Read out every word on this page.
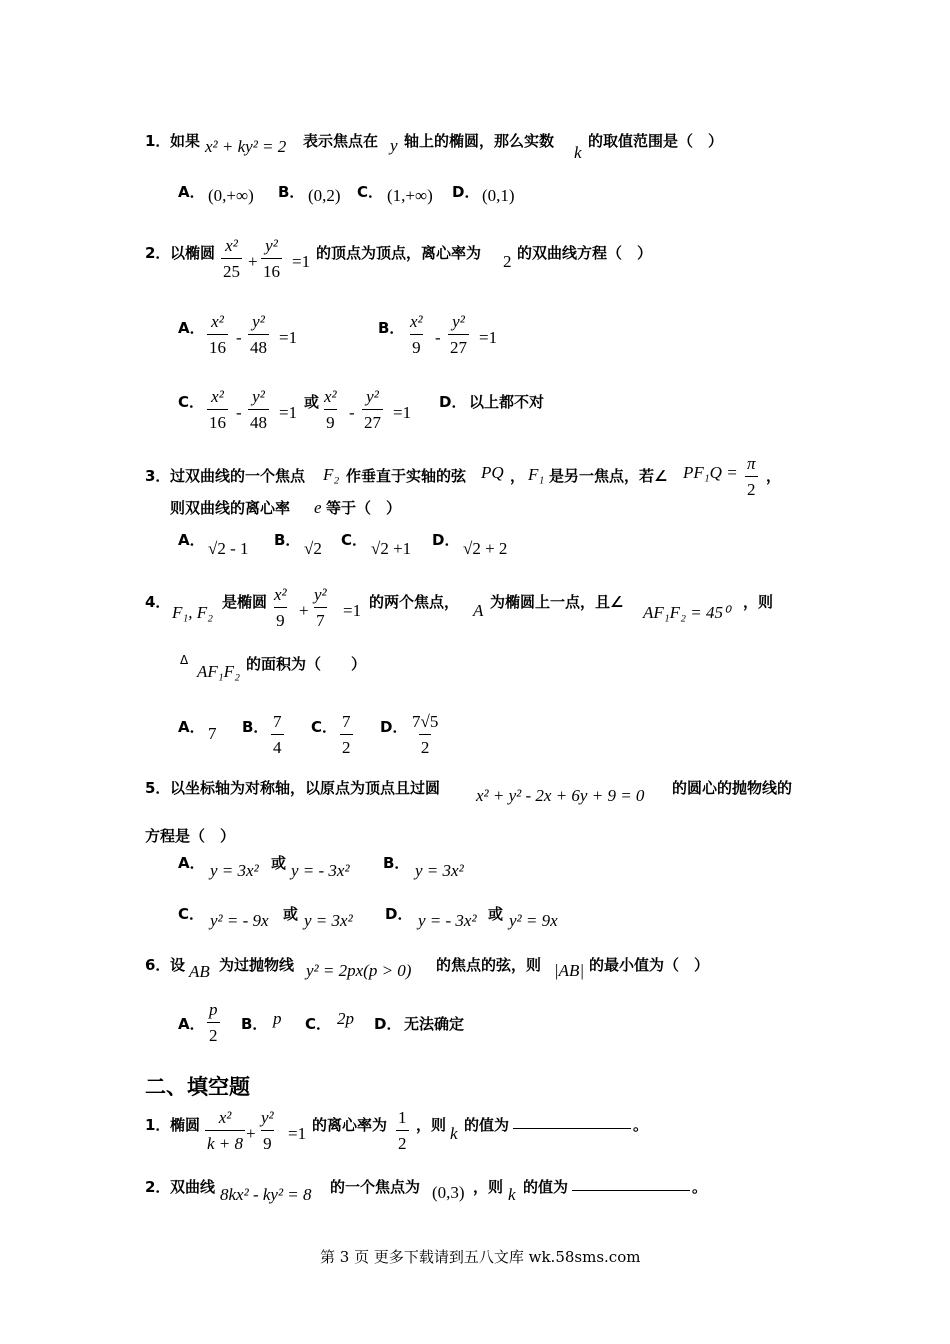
1． 如果 x² + ky² = 2 表示焦点在 y 轴上的椭圆，那么实数
k
的取值范围是（　）
A． (0,+∞) B． (0,2) C． (1,+∞) D． (0,1)
2． 以椭圆 $\frac{\text{x²}}{25} + \frac{\text{y²}}{16} =1$ 的顶点为顶点，离心率为 2 的双曲线方程（　）
A． $\frac{\text{x²}}{16} - \frac{\text{y²}}{48} =1$	B． $\frac{\text{x²}}{9} - \frac{\text{y²}}{27} =1$
C． $\frac{\text{x²}}{16} - \frac{\text{y²}}{48} =1$
或 $\frac{\text{x²}}{9} - \frac{\text{y²}}{27} =1$
D． 以上都不对
3． 过双曲线的一个焦点 F₂ 作垂直于实轴的弦 PQ ， F₁ 是另一焦点，若∠ $PF_1Q = \frac{\pi}{2}$ ，
则双曲线的离心率 e 等于（　）
A． √2 - 1 B． √2 C． √2 +1 D． √2 + 2
4．
F₁, F₂
是椭圆 $\frac{\text{x²}}{9} + \frac{\text{y²}}{7} =1$ 的两个焦点， A 为椭圆上一点，且∠
AF₁F₂ = 45⁰
，则
Δ
AF₁F₂ 的面积为（　　）
A． 7 B． $\frac{7}{4}$ C． $\frac{7}{2}$ D． $\frac{7√5}{2}$
5． 以坐标轴为对称轴，以原点为顶点且过圆 x² + y² - 2x + 6y + 9 = 0 的圆心的抛物线的
方程是（　）
A． y = 3x² 或 y = - 3x² B． y = 3x²
C． y² = - 9x 或 y = 3x² D． y = - 3x² 或 y² = 9x
6． 设 AB 为过抛物线 y² = 2px(p > 0) 的焦点的弦，则 |AB| 的最小值为（　）
A． $\frac{p}{2}$ B． p C． 2p D． 无法确定
二、填空题
1． 椭圆 $\frac{\text{x²}}{k + 8} + \frac{\text{y²}}{9} =1$ 的离心率为 $\frac{1}{2}$ ，则 k 的值为	。
2． 双曲线 8kx² - ky² = 8 的一个焦点为 (0,3) ，则 k 的值为	。
第 3 页 更多下载请到五八文库 wk.58sms.com
